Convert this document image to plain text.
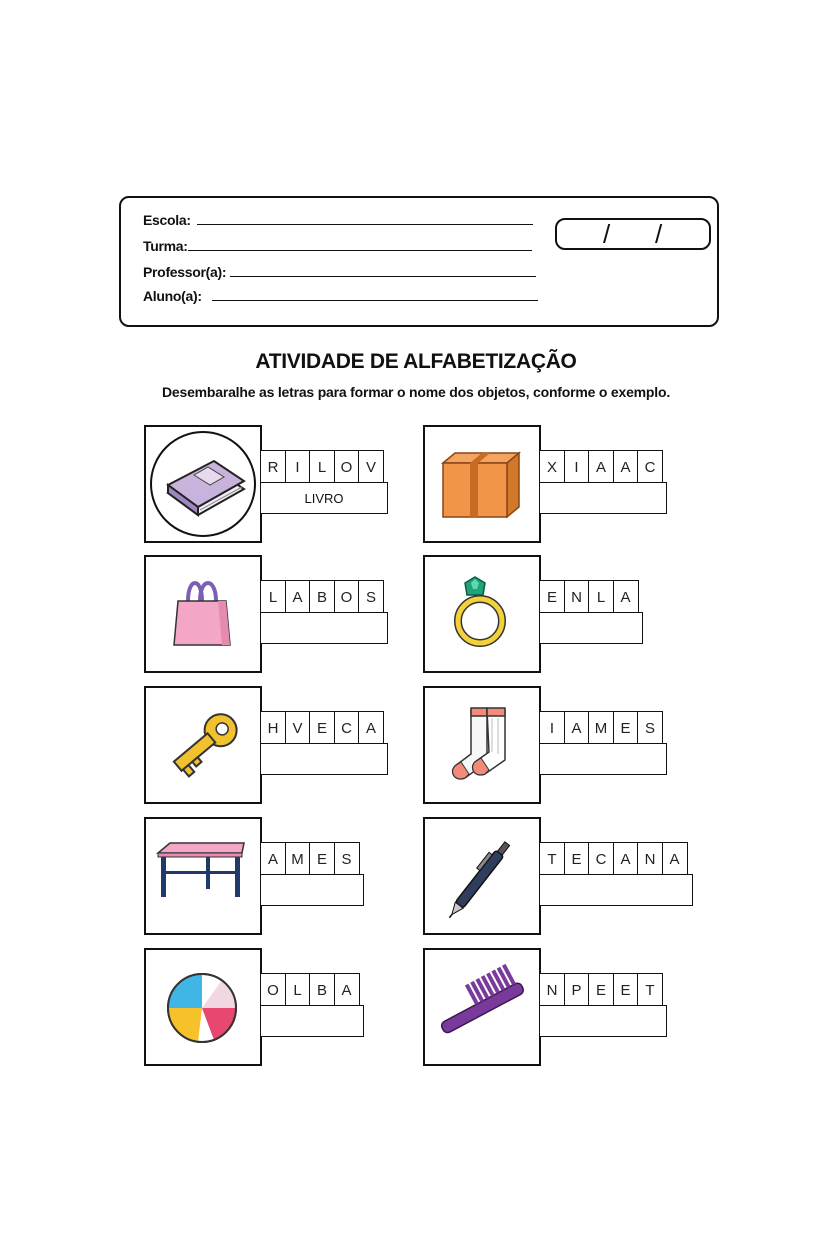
Escola:
Turma:
Professor(a):
Aluno(a):
/ /
ATIVIDADE DE ALFABETIZAÇÃO
Desembaralhe as letras para formar o nome dos objetos, conforme o exemplo.
R	I	L O V
LIVRO
X	I	A A C
L	A B O S	E N L	A
H V E C A	I	A M E S
A M E S	T E C A N A
O L	B A	N P E E T
